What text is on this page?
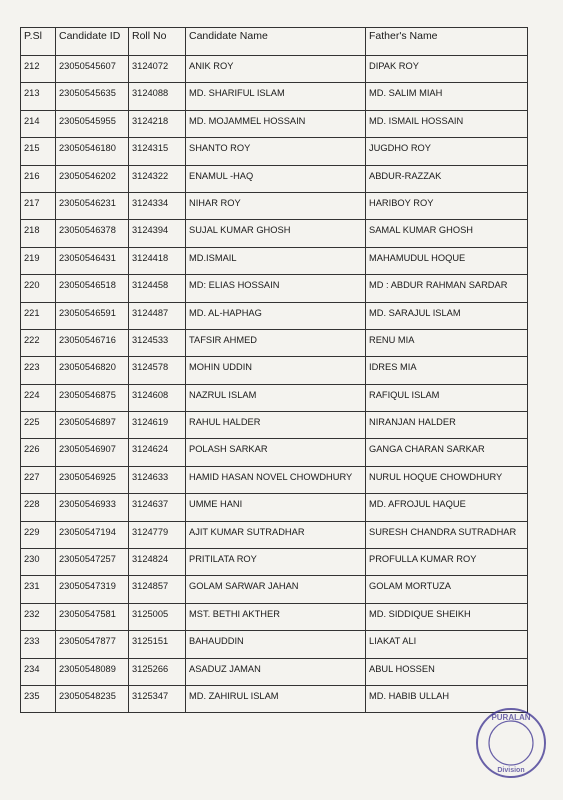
P.Sl	Candidate ID	Roll No	Candidate Name	Father's Name
212	23050545607	3124072	ANIK ROY	DIPAK ROY
213	23050545635	3124088	MD. SHARIFUL ISLAM	MD. SALIM MIAH
214	23050545955	3124218	MD. MOJAMMEL HOSSAIN	MD. ISMAIL HOSSAIN
215	23050546180	3124315	SHANTO ROY	JUGDHO ROY
216	23050546202	3124322	ENAMUL -HAQ	ABDUR-RAZZAK
217	23050546231	3124334	NIHAR ROY	HARIBOY ROY
218	23050546378	3124394	SUJAL KUMAR GHOSH	SAMAL KUMAR GHOSH
219	23050546431	3124418	MD.ISMAIL	MAHAMUDUL HOQUE
220	23050546518	3124458	MD: ELIAS HOSSAIN	MD : ABDUR RAHMAN SARDAR
221	23050546591	3124487	MD. AL-HAPHAG	MD. SARAJUL ISLAM
222	23050546716	3124533	TAFSIR AHMED	RENU MIA
223	23050546820	3124578	MOHIN UDDIN	IDRES MIA
224	23050546875	3124608	NAZRUL ISLAM	RAFIQUL ISLAM
225	23050546897	3124619	RAHUL HALDER	NIRANJAN HALDER
226	23050546907	3124624	POLASH SARKAR	GANGA CHARAN SARKAR
227	23050546925	3124633	HAMID HASAN NOVEL CHOWDHURY	NURUL HOQUE CHOWDHURY
228	23050546933	3124637	UMME HANI	MD. AFROJUL HAQUE
229	23050547194	3124779	AJIT KUMAR SUTRADHAR	SURESH CHANDRA SUTRADHAR
230	23050547257	3124824	PRITILATA ROY	PROFULLA KUMAR ROY
231	23050547319	3124857	GOLAM SARWAR JAHAN	GOLAM MORTUZA
232	23050547581	3125005	MST. BETHI AKTHER	MD. SIDDIQUE SHEIKH
233	23050547877	3125151	BAHAUDDIN	LIAKAT ALI
234	23050548089	3125266	ASADUZ JAMAN	ABUL HOSSEN
235	23050548235	3125347	MD. ZAHIRUL ISLAM	MD. HABIB ULLAH
PURALAN
Division
